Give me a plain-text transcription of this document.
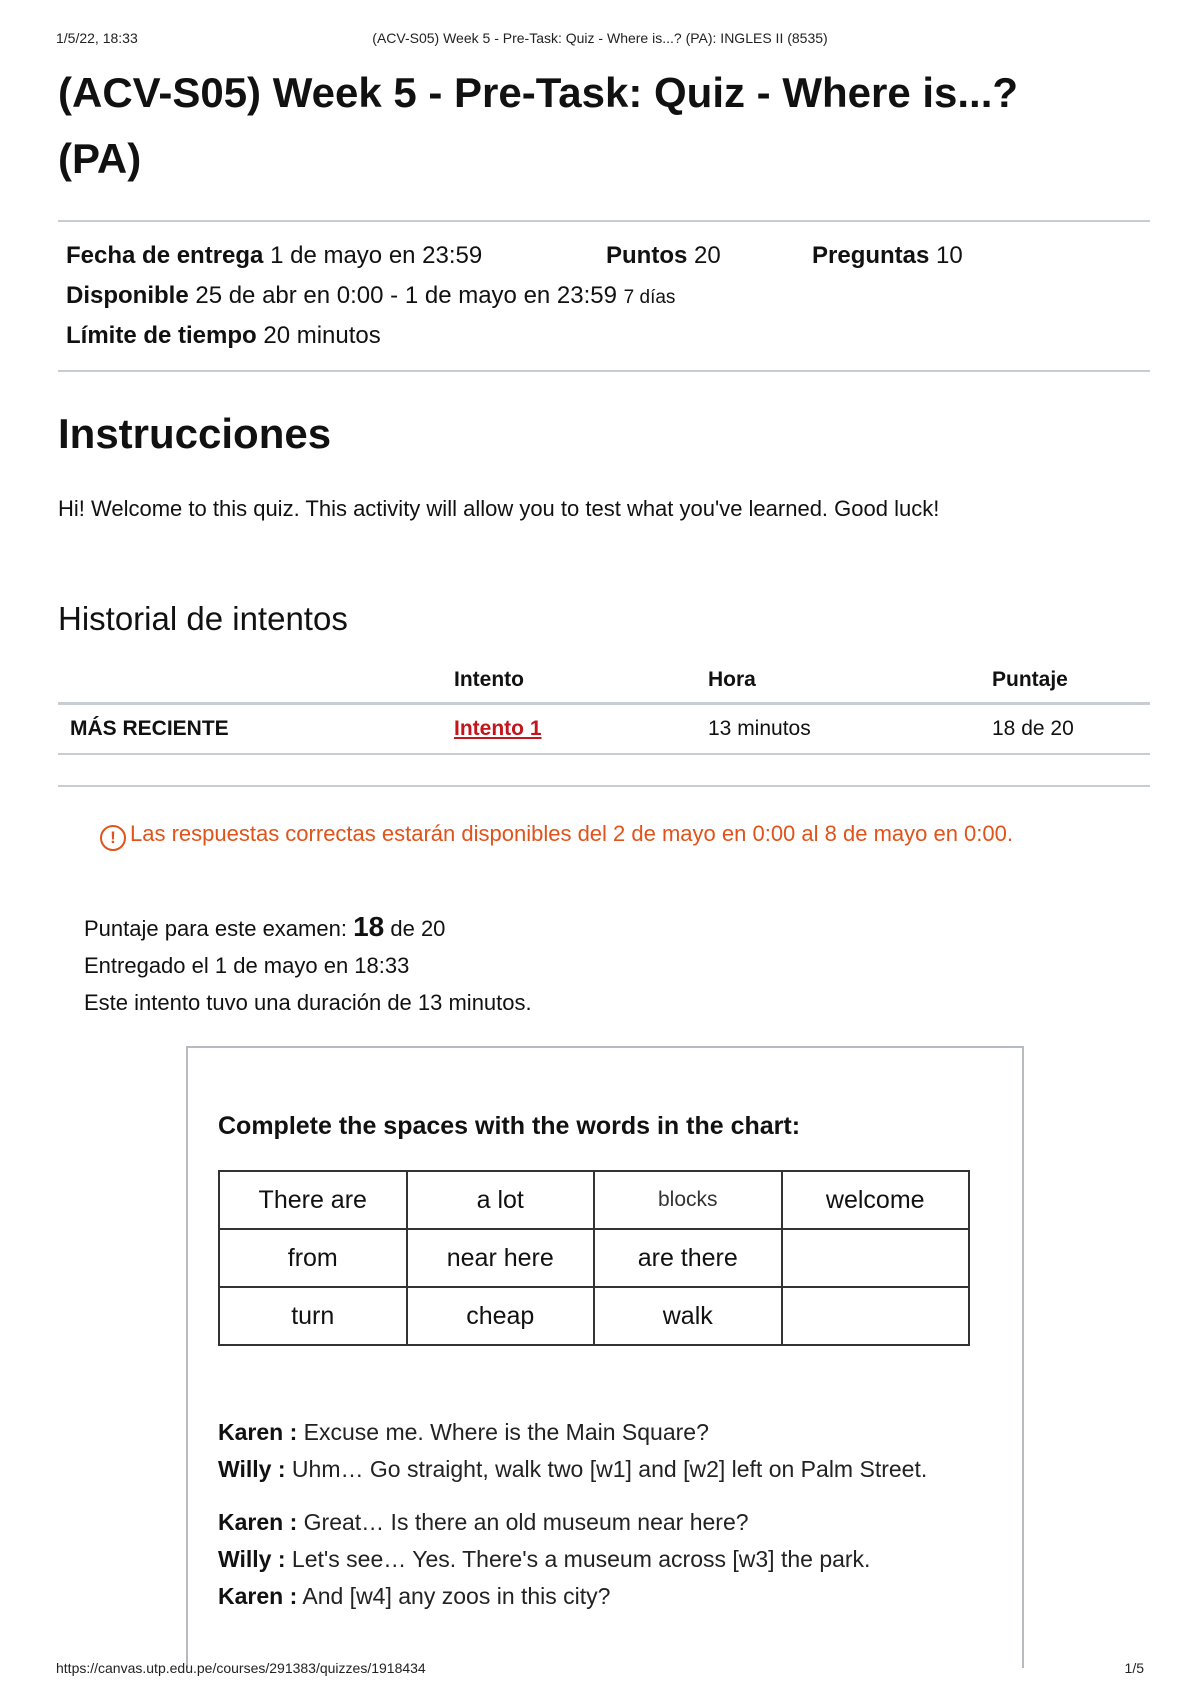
1/5/22, 18:33	(ACV-S05) Week 5 - Pre-Task: Quiz - Where is...? (PA): INGLES II (8535)
(ACV-S05) Week 5 - Pre-Task: Quiz - Where is...?
(PA)
Fecha de entrega 1 de mayo en 23:59	Puntos 20	Preguntas 10
Disponible 25 de abr en 0:00 - 1 de mayo en 23:59 7 días
Límite de tiempo 20 minutos
Instrucciones
Hi! Welcome to this quiz. This activity will allow you to test what you've learned. Good luck!
Historial de intentos
	Intento	Hora	Puntaje
MÁS RECIENTE	Intento 1	13 minutos	18 de 20
! Las respuestas correctas estarán disponibles del 2 de mayo en 0:00 al 8 de mayo en 0:00.
Puntaje para este examen: 18 de 20
Entregado el 1 de mayo en 18:33
Este intento tuvo una duración de 13 minutos.
Complete the spaces with the words in the chart:
There are	a lot	blocks	welcome
from	near here	are there	
turn	cheap	walk	
Karen : Excuse me. Where is the Main Square?
Willy : Uhm… Go straight, walk two [w1] and [w2] left on Palm Street.
Karen : Great… Is there an old museum near here?
Willy : Let's see… Yes. There's a museum across [w3] the park.
Karen : And [w4] any zoos in this city?
https://canvas.utp.edu.pe/courses/291383/quizzes/1918434	1/5
